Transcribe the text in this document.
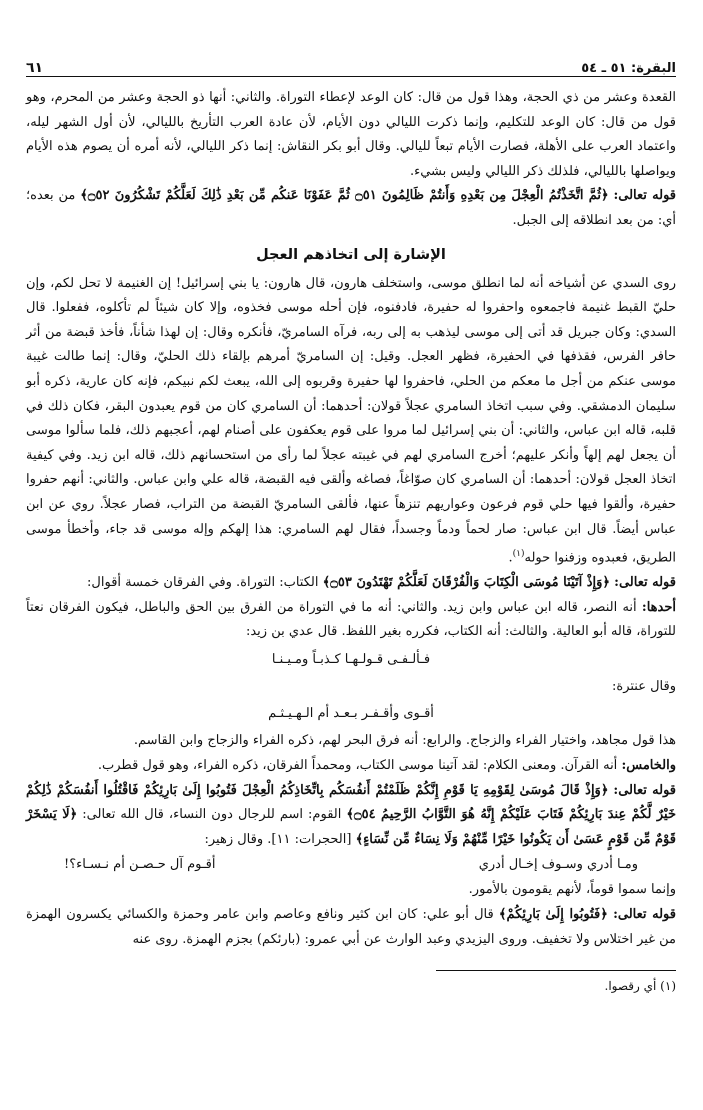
البقرة: ٥١ ـ ٥٤
٦١

القعدة وعشر من ذي الحجة، وهذا قول من قال: كان الوعد لإعطاء التوراة. والثاني: أنها ذو الحجة وعشر من المحرم، وهو قول من قال: كان الوعد للتكليم، وإنما ذكرت الليالي دون الأيام، لأن عادة العرب التأريخ بالليالي، لأن أول الشهر ليله، واعتماد العرب على الأهلة، فصارت الأيام تبعاً لليالي. وقال أبو بكر النقاش: إنما ذكر الليالي، لأنه أمره أن يصوم هذه الأيام ويواصلها بالليالي، فلذلك ذكر الليالي وليس بشيء.

قوله تعالى: ﴿ثُمَّ اتَّخَذْتُمُ الْعِجْلَ مِن بَعْدِهِ وَأَنتُمْ ظَالِمُونَ ۝٥١ ثُمَّ عَفَوْنَا عَنكُم مِّن بَعْدِ ذَٰلِكَ لَعَلَّكُمْ تَشْكُرُونَ ۝٥٢﴾ من بعده؛ أي: من بعد انطلاقه إلى الجبل.

الإشارة إلى اتخاذهم العجل

روى السدي عن أشياخه أنه لما انطلق موسى، واستخلف هارون، قال هارون: يا بني إسرائيل! إن الغنيمة لا تحل لكم، وإن حليّ القبط غنيمة فاجمعوه واحفروا له حفيرة، فادفنوه، فإن أحله موسى فخذوه، وإلا كان شيئاً لم تأكلوه، ففعلوا. قال السدي: وكان جبريل قد أتى إلى موسى ليذهب به إلى ربه، فرآه السامريّ، فأنكره وقال: إن لهذا شأناً، فأخذ قبضة من أثر حافر الفرس، فقذفها في الحفيرة، فظهر العجل. وقيل: إن السامريّ أمرهم بإلقاء ذلك الحليّ، وقال: إنما طالت غيبة موسى عنكم من أجل ما معكم من الحلي، فاحفروا لها حفيرة وقربوه إلى الله، يبعث لكم نبيكم، فإنه كان عارية، ذكره أبو سليمان الدمشقي. وفي سبب اتخاذ السامري عجلاً قولان: أحدهما: أن السامري كان من قوم يعبدون البقر، فكان ذلك في قلبه، قاله ابن عباس، والثاني: أن بني إسرائيل لما مروا على قوم يعكفون على أصنام لهم، أعجبهم ذلك، فلما سألوا موسى أن يجعل لهم إلهاً وأنكر عليهم؛ أخرج السامري لهم في غيبته عجلاً لما رأى من استحسانهم ذلك، قاله ابن زيد. وفي كيفية اتخاذ العجل قولان: أحدهما: أن السامري كان صوّاغاً، فصاغه وألقى فيه القبضة، قاله علي وابن عباس. والثاني: أنهم حفروا حفيرة، وألقوا فيها حلي قوم فرعون وعواريهم تنزهاً عنها، فألقى السامريّ القبضة من التراب، فصار عجلاً. روي عن ابن عباس أيضاً. قال ابن عباس: صار لحماً ودماً وجسداً، فقال لهم السامري: هذا إلهكم وإله موسى قد جاء، وأخطأ موسى الطريق، فعبدوه وزفنوا حوله$^{(١)}$.

قوله تعالى: ﴿وَإِذْ آتَيْنَا مُوسَى الْكِتَابَ وَالْفُرْقَانَ لَعَلَّكُمْ تَهْتَدُونَ ۝٥٣﴾ الكتاب: التوراة. وفي الفرقان خمسة أقوال:

أحدها: أنه النصر، قاله ابن عباس وابن زيد. والثاني: أنه ما في التوراة من الفرق بين الحق والباطل، فيكون الفرقان نعتاً للتوراة، قاله أبو العالية. والثالث: أنه الكتاب، فكرره بغير اللفظ. قال عدي بن زيد:

فـألـفـى قـولـهـا كـذبـاً ومـيـنـا

وقال عنترة:

أقـوى وأقـفـر بـعـد أم الـهـيـثـم

هذا قول مجاهد، واختيار الفراء والزجاج. والرابع: أنه فرق البحر لهم، ذكره الفراء والزجاج وابن القاسم.

والخامس: أنه القرآن. ومعنى الكلام: لقد آتينا موسى الكتاب، ومحمداً الفرقان، ذكره الفراء، وهو قول قطرب.

قوله تعالى: ﴿وَإِذْ قَالَ مُوسَىٰ لِقَوْمِهِ يَا قَوْمِ إِنَّكُمْ ظَلَمْتُمْ أَنفُسَكُم بِاتِّخَاذِكُمُ الْعِجْلَ فَتُوبُوا إِلَىٰ بَارِئِكُمْ فَاقْتُلُوا أَنفُسَكُمْ ذَٰلِكُمْ خَيْرٌ لَّكُمْ عِندَ بَارِئِكُمْ فَتَابَ عَلَيْكُمْ إِنَّهُ هُوَ التَّوَّابُ الرَّحِيمُ ۝٥٤﴾ القوم: اسم للرجال دون النساء، قال الله تعالى: ﴿لَا يَسْخَرْ قَوْمٌ مِّن قَوْمٍ عَسَىٰ أَن يَكُونُوا خَيْرًا مِّنْهُمْ وَلَا نِسَاءٌ مِّن نِّسَاءٍ﴾ [الحجرات: ١١]. وقال زهير:

ومـا أدري وسـوف إخـال أدري
أقـوم آل حـصـن أم نـسـاء؟!

وإنما سموا قوماً، لأنهم يقومون بالأمور.

قوله تعالى: ﴿فَتُوبُوا إِلَىٰ بَارِئِكُمْ﴾ قال أبو علي: كان ابن كثير ونافع وعاصم وابن عامر وحمزة والكسائي يكسرون الهمزة من غير اختلاس ولا تخفيف. وروى اليزيدي وعبد الوارث عن أبي عمرو: (بارئكم) بجزم الهمزة. روى عنه

(١) أي رقصوا.
